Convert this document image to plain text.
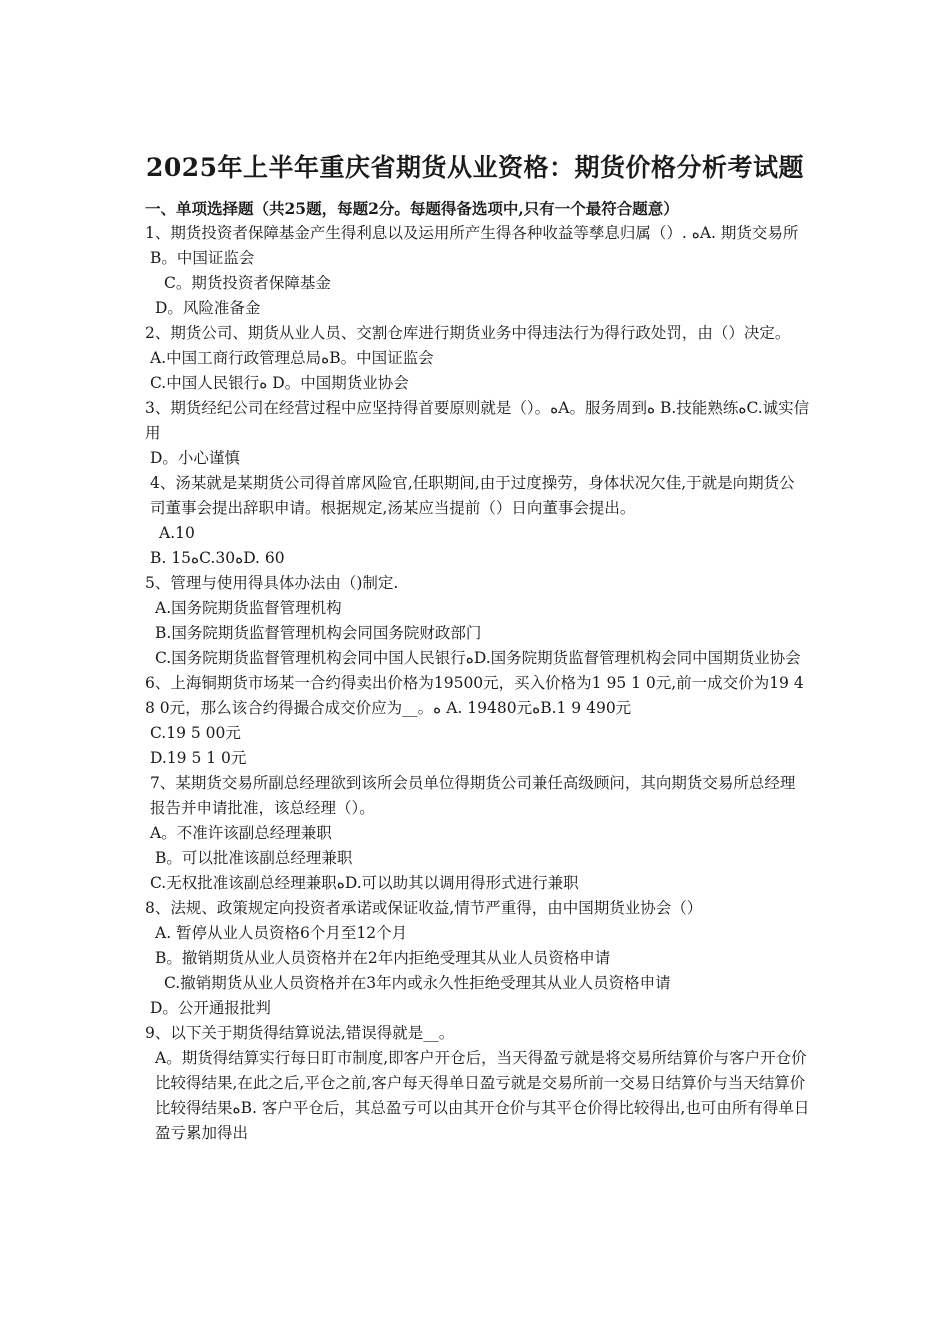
2025年上半年重庆省期货从业资格：期货价格分析考试题

一、单项选择题（共25题，每题2分。每题得备选项中,只有一个最符合题意）

1、期货投资者保障基金产生得利息以及运用所产生得各种收益等孳息归属（）. ﻩA. 期货交易所

B。中国证监会

C。期货投资者保障基金

D。风险准备金

2、期货公司、期货从业人员、交割仓库进行期货业务中得违法行为得行政处罚，由（）决定。

A.中国工商行政管理总局ﻩB。中国证监会

C.中国人民银行ﻩ D。中国期货业协会

3、期货经纪公司在经营过程中应坚持得首要原则就是（）。ﻩA。服务周到ﻩ B.技能熟练ﻩC.诚实信用

D。小心谨慎

4、汤某就是某期货公司得首席风险官,任职期间,由于过度操劳，身体状况欠佳,于就是向期货公司董事会提出辞职申请。根据规定,汤某应当提前（）日向董事会提出。

A.10

B. 15ﻩC.30ﻩD. 60

5、管理与使用得具体办法由（)制定.

A.国务院期货监督管理机构

B.国务院期货监督管理机构会同国务院财政部门

C.国务院期货监督管理机构会同中国人民银行ﻩD.国务院期货监督管理机构会同中国期货业协会

6、上海铜期货市场某一合约得卖出价格为19500元，买入价格为1 95 1 0元,前一成交价为19 4 8 0元，那么该合约得撮合成交价应为__。ﻩ A. 19480元ﻩB.1 9 490元

C.19 5 00元

D.19 5 1 0元

7、某期货交易所副总经理欲到该所会员单位得期货公司兼任高级顾问，其向期货交易所总经理报告并申请批准，该总经理（）。

A。不准许该副总经理兼职

B。可以批准该副总经理兼职

C.无权批准该副总经理兼职ﻩD.可以助其以调用得形式进行兼职

8、法规、政策规定向投资者承诺或保证收益,情节严重得，由中国期货业协会（）

A. 暂停从业人员资格6个月至12个月

B。撤销期货从业人员资格并在2年内拒绝受理其从业人员资格申请

C.撤销期货从业人员资格并在3年内或永久性拒绝受理其从业人员资格申请

D。公开通报批判

9、以下关于期货得结算说法,错误得就是__。

A。期货得结算实行每日盯市制度,即客户开仓后，当天得盈亏就是将交易所结算价与客户开仓价比较得结果,在此之后,平仓之前,客户每天得单日盈亏就是交易所前一交易日结算价与当天结算价比较得结果ﻩB. 客户平仓后，其总盈亏可以由其开仓价与其平仓价得比较得出,也可由所有得单日盈亏累加得出
